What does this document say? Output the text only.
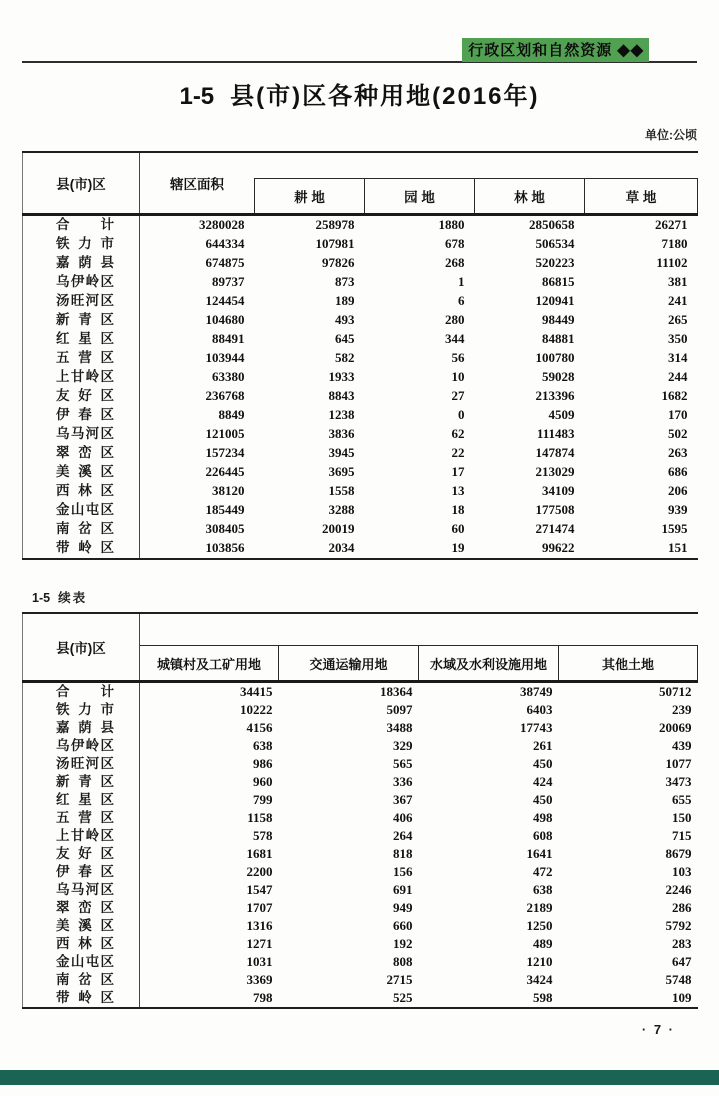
行政区划和自然资源 ◆◆
1-5 县(市)区各种用地(2016年)
单位:公顷
县(市)区	辖区面积				
		耕 地	园 地	林 地	草 地
合计	3280028	258978	1880	2850658	26271
铁力市	644334	107981	678	506534	7180
嘉荫县	674875	97826	268	520223	11102
乌伊岭区	89737	873	1	86815	381
汤旺河区	124454	189	6	120941	241
新青区	104680	493	280	98449	265
红星区	88491	645	344	84881	350
五营区	103944	582	56	100780	314
上甘岭区	63380	1933	10	59028	244
友好区	236768	8843	27	213396	1682
伊春区	8849	1238	0	4509	170
乌马河区	121005	3836	62	111483	502
翠峦区	157234	3945	22	147874	263
美溪区	226445	3695	17	213029	686
西林区	38120	1558	13	34109	206
金山屯区	185449	3288	18	177508	939
南岔区	308405	20019	60	271474	1595
带岭区	103856	2034	19	99622	151
1-5 续表
县(市)区				
	城镇村及工矿用地	交通运输用地	水域及水利设施用地	其他土地
合计	34415	18364	38749	50712
铁力市	10222	5097	6403	239
嘉荫县	4156	3488	17743	20069
乌伊岭区	638	329	261	439
汤旺河区	986	565	450	1077
新青区	960	336	424	3473
红星区	799	367	450	655
五营区	1158	406	498	150
上甘岭区	578	264	608	715
友好区	1681	818	1641	8679
伊春区	2200	156	472	103
乌马河区	1547	691	638	2246
翠峦区	1707	949	2189	286
美溪区	1316	660	1250	5792
西林区	1271	192	489	283
金山屯区	1031	808	1210	647
南岔区	3369	2715	3424	5748
带岭区	798	525	598	109
· 7 ·
